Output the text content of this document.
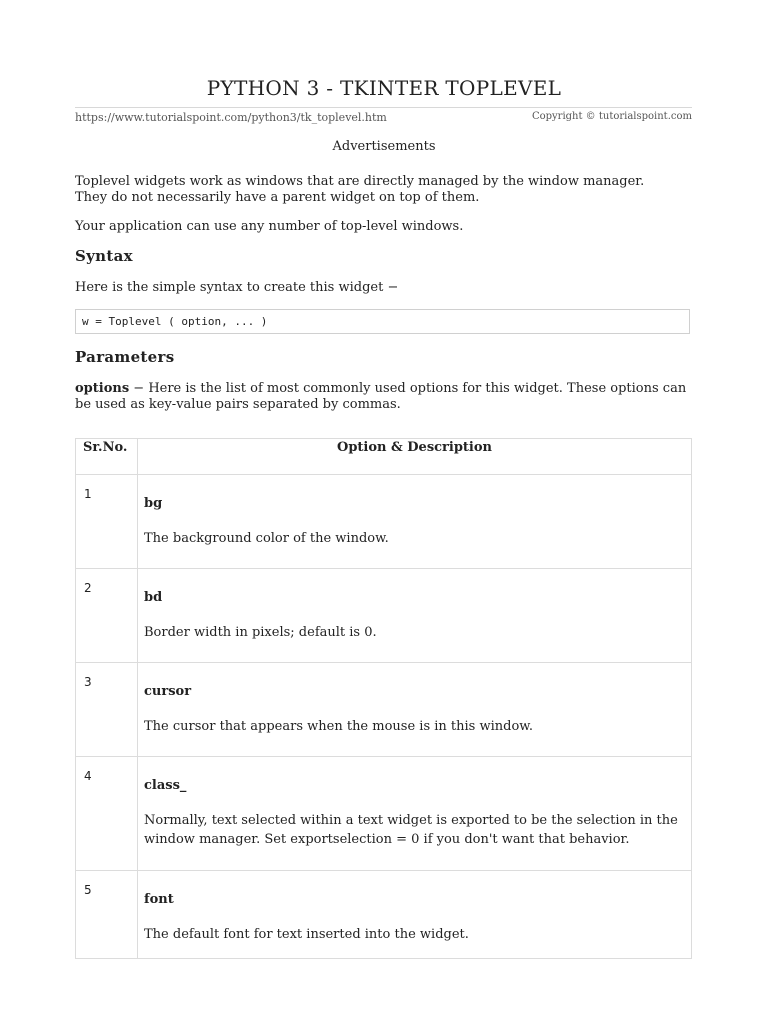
PYTHON 3 - TKINTER TOPLEVEL
https://www.tutorialspoint.com/python3/tk_toplevel.htm	Copyright © tutorialspoint.com
Advertisements
Toplevel widgets work as windows that are directly managed by the window manager. They do not necessarily have a parent widget on top of them.
Your application can use any number of top-level windows.
Syntax
Here is the simple syntax to create this widget −
w = Toplevel ( option, ... )
Parameters
options − Here is the list of most commonly used options for this widget. These options can be used as key-value pairs separated by commas.
Sr.No.	Option & Description
1	bg
The background color of the window.

2	bd
Border width in pixels; default is 0.

3	cursor
The cursor that appears when the mouse is in this window.

4	class_
Normally, text selected within a text widget is exported to be the selection in the window manager. Set exportselection = 0 if you don't want that behavior.

5	font
The default font for text inserted into the widget.
